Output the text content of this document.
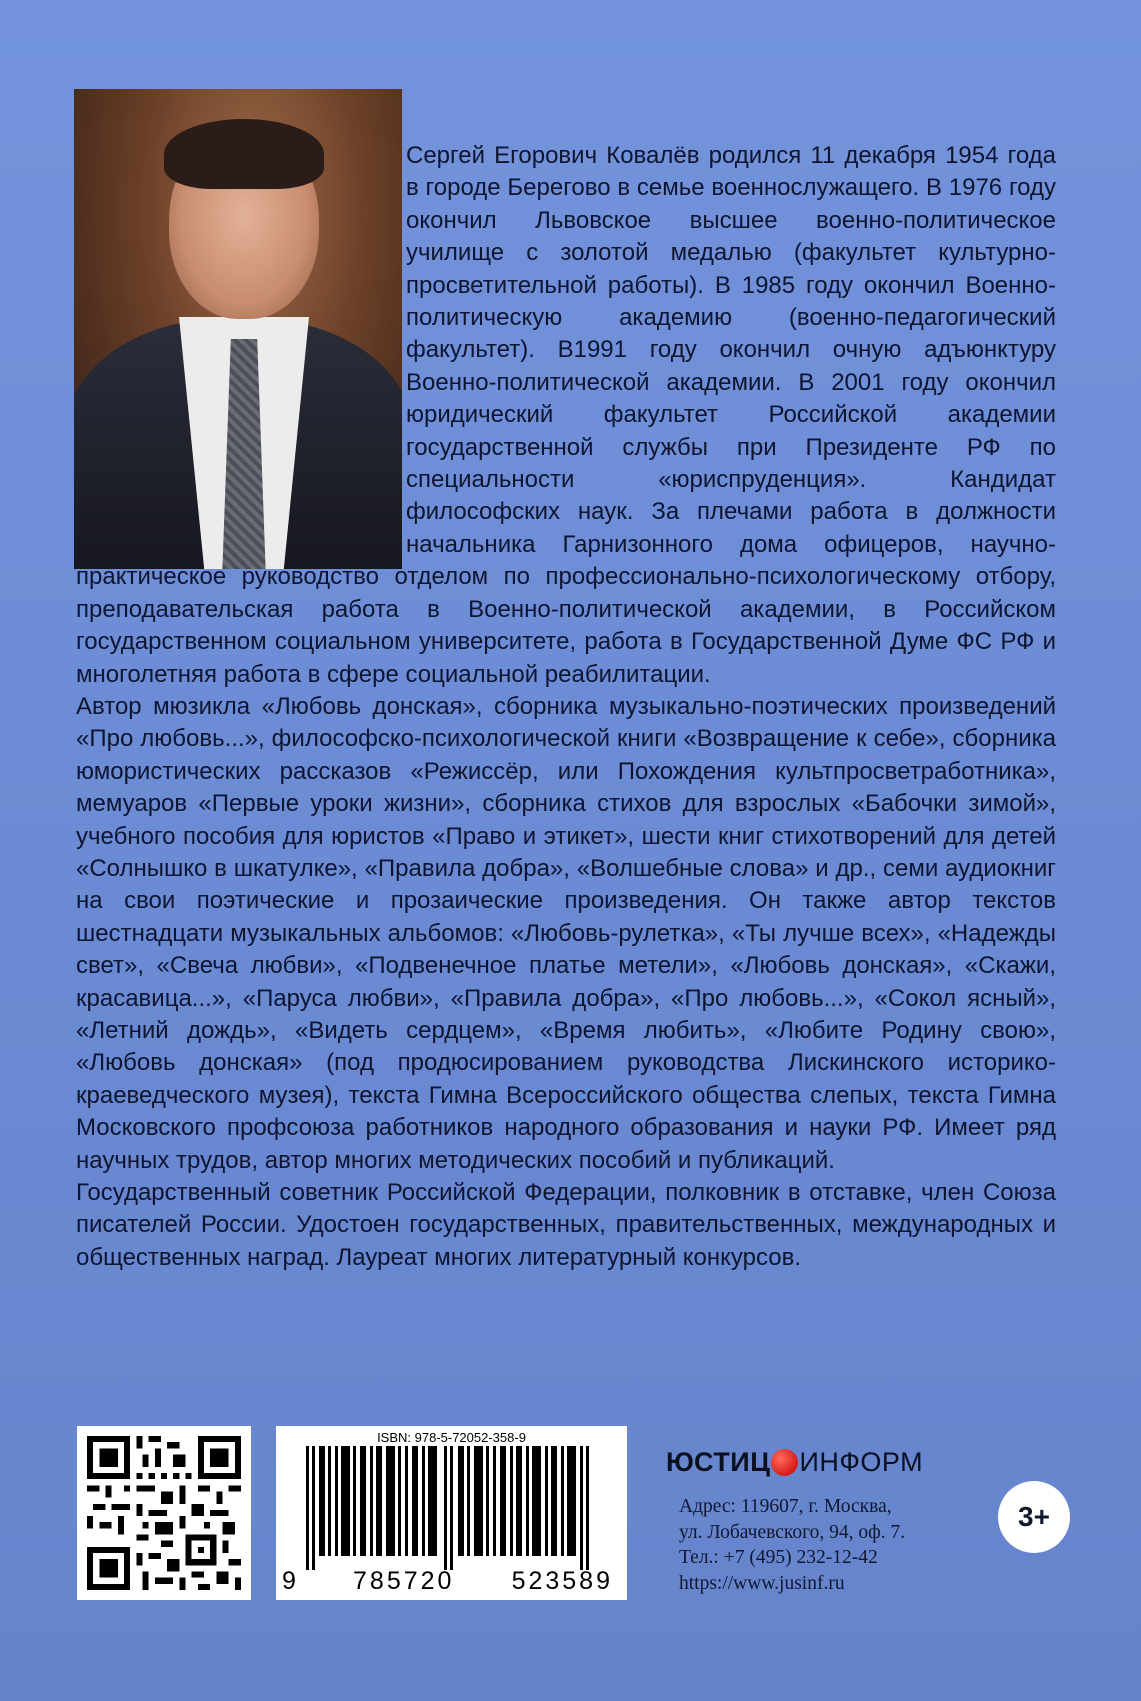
Сергей Егорович Ковалёв родился 11 декабря 1954 года в городе Берегово в семье военнослужащего. В 1976 году окончил Львовское высшее военно-политическое училище с золотой медалью (факультет культурно-просветительной работы). В 1985 году окончил Военно-политическую академию (военно-педагогический факультет). В1991 году окончил очную адъюнктуру Военно-политической академии. В 2001 году окончил юридический факультет Российской академии государственной службы при Президенте РФ по специальности «юриспруденция». Кандидат философских наук. За плечами работа в должности начальника Гарнизонного дома офицеров, научно-практическое руководство отделом по профессионально-психологическому отбору, преподавательская работа в Военно-политической академии, в Российском государственном социальном университете, работа в Государственной Думе ФС РФ и многолетняя работа в сфере социальной реабилитации.

Автор мюзикла «Любовь донская», сборника музыкально-поэтических произведений «Про любовь...», философско-психологической книги «Возвращение к себе», сборника юмористических рассказов «Режиссёр, или Похождения культпросветработника», мемуаров «Первые уроки жизни», сборника стихов для взрослых «Бабочки зимой», учебного пособия для юристов «Право и этикет», шести книг стихотворений для детей «Солнышко в шкатулке», «Правила добра», «Волшебные слова» и др., семи аудиокниг на свои поэтические и прозаические произведения. Он также автор текстов шестнадцати музыкальных альбомов: «Любовь-рулетка», «Ты лучше всех», «Надежды свет», «Свеча любви», «Подвенечное платье метели», «Любовь донская», «Скажи, красавица...», «Паруса любви», «Правила добра», «Про любовь...», «Сокол ясный», «Летний дождь», «Видеть сердцем», «Время любить», «Любите Родину свою», «Любовь донская» (под продюсированием руководства Лискинского историко-краеведческого музея), текста Гимна Всероссийского общества слепых, текста Гимна Московского профсоюза работников народного образования и науки РФ. Имеет ряд научных трудов, автор многих методических пособий и публикаций.

Государственный советник Российской Федерации, полковник в отставке, член Союза писателей России. Удостоен государственных, правительственных, международных и общественных наград. Лауреат многих литературный конкурсов.

ISBN: 978-5-72052-358-9
9 785720 523589
ЮСТИЦ ИНФОРМ
Адрес: 119607, г. Москва,
ул. Лобачевского, 94, оф. 7.
Тел.: +7 (495) 232-12-42
https://www.jusinf.ru
3+
